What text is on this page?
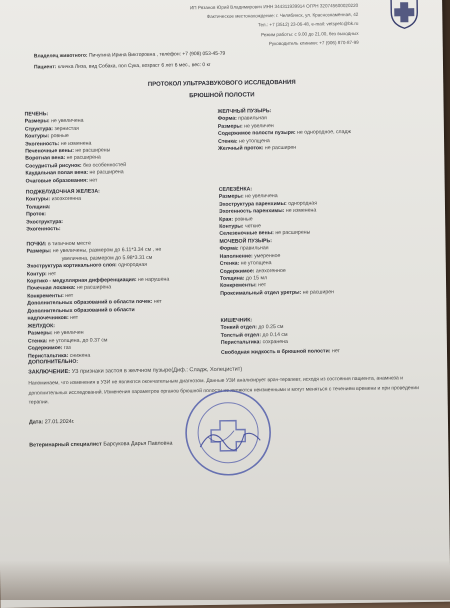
ИП Рязанов Юрий Владимирович ИНН 344311939914 ОГРН 320745600020220
Фактическое местонахождение: г. Челябинск, ул. Краснознамённая, 42
Тел.: +7 (3512) 23-06-48, e-mail: vetspetc@bk.ru
Режим работы: с 9.00 до 21.00, без выходных
Руководитель клиники: +7 (906) 870-87-99
Владелец животного: Пичугина Ирина Викторовна , телефон: +7 (908) 053-45-79
Пациент: кличка Лиза, вид Собака, пол Сука, возраст 6 лет 6 мес., вес: 0 кг
ПРОТОКОЛ УЛЬТРАЗВУКОВОГО ИССЛЕДОВАНИЯ
БРЮШНОЙ ПОЛОСТИ
ПЕЧЕНЬ:
Размеры: не увеличена
Структура: зернистая
Контуры: ровные
Эхогенность: не изменена
Печеночные вены: не расширены
Воротная вена: не расширена
Сосудистый рисунок: без особенностей
Каудальная полая вена: не расширена
Очаговые образования: нет
ЖЕЛЧНЫЙ ПУЗЫРЬ:
Форма: правильная
Размеры: не увеличен
Содержимое полости пузыря: не однородное, сладж
Стенка: не утолщена
Желчный проток: не расширен
ПОДЖЕЛУДОЧНАЯ ЖЕЛЕЗА:
Контуры: изоэхогенна
Толщина:
Проток:
Эхоструктура:
Эхогенность:
СЕЛЕЗЁНКА:
Размеры: не увеличена
Эхоструктура паренхимы: однородная
Эхогенность паренхимы: не изменена
Края: ровные
Контуры: четкие
Селезеночные вены: не расширены
ПОЧКИ: в типичном месте
Размеры: не увеличены, размером до 6.11*3.34 см , не
увеличена, размером до 5.98*3.31 см
Эхоструктура кортикального слоя: однородная
Контур: нет
Кортико - медуллярная дифференциация: не нарушена
Почечная лоханка: не расширена
Конкременты: нет
Дополнительных образований в области почек: нет
Дополнительных образований в области
надпочечников: нет
МОЧЕВОЙ ПУЗЫРЬ:
Форма: правильная
Наполнение: умеренное
Стенка: не утолщена
Содержимое: анэхогенное
Толщина: до 15 мл
Конкременты: нет
Проксимальный отдел уретры: не расширен
ЖЕЛУДОК:
Размеры: не увеличен
Стенка: не утолщена, до 0.37 см
Содержимое: газ
Перистальтика: снижена
КИШЕЧНИК:
Тонкий отдел: до 0.25 см
Толстый отдел: до 0.14 см
Перистальтика: сохранена
Свободная жидкость в брюшной полости: нет
ДОПОЛНИТЕЛЬНО:
ЗАКЛЮЧЕНИЕ: УЗ признаки застоя в желчном пузыре(Диф.: Сладж, Холецистит)
Напоминаем, что изменения в УЗИ не являются окончательным диагнозом. Данные УЗИ анализирует врач-терапевт, исходя из состояния пациента, анамнеза и дополнительных исследований. Изменения параметров органов брюшной полости не являются неизменными и могут меняться с течением времени и при проведении терапии.
Дата: 27.01.2024г.
Ветеринарный специалист Барсукова Дарья Павловна
